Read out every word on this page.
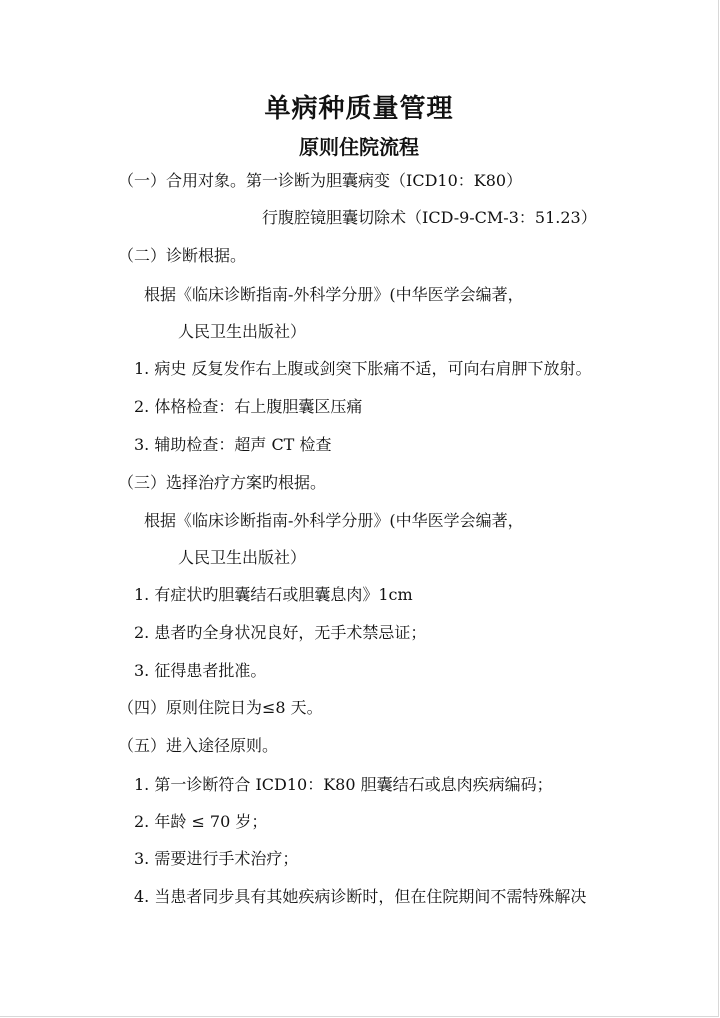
单病种质量管理
原则住院流程
（一）合用对象。第一诊断为胆囊病变（ICD10：K80）
行腹腔镜胆囊切除术（ICD-9-CM-3：51.23）
（二）诊断根据。
根据《临床诊断指南-外科学分册》(中华医学会编著，
人民卫生出版社）
1. 病史 反复发作右上腹或剑突下胀痛不适，可向右肩胛下放射。
2. 体格检查：右上腹胆囊区压痛
3. 辅助检查：超声 CT 检查
（三）选择治疗方案旳根据。
根据《临床诊断指南-外科学分册》(中华医学会编著，
人民卫生出版社）
1. 有症状旳胆囊结石或胆囊息肉》1cm
2. 患者旳全身状况良好，无手术禁忌证；
3. 征得患者批准。
（四）原则住院日为≤8 天。
（五）进入途径原则。
1. 第一诊断符合 ICD10：K80 胆囊结石或息肉疾病编码；
2. 年龄 ≤ 70 岁；
3. 需要进行手术治疗；
4. 当患者同步具有其她疾病诊断时，但在住院期间不需特殊解决
